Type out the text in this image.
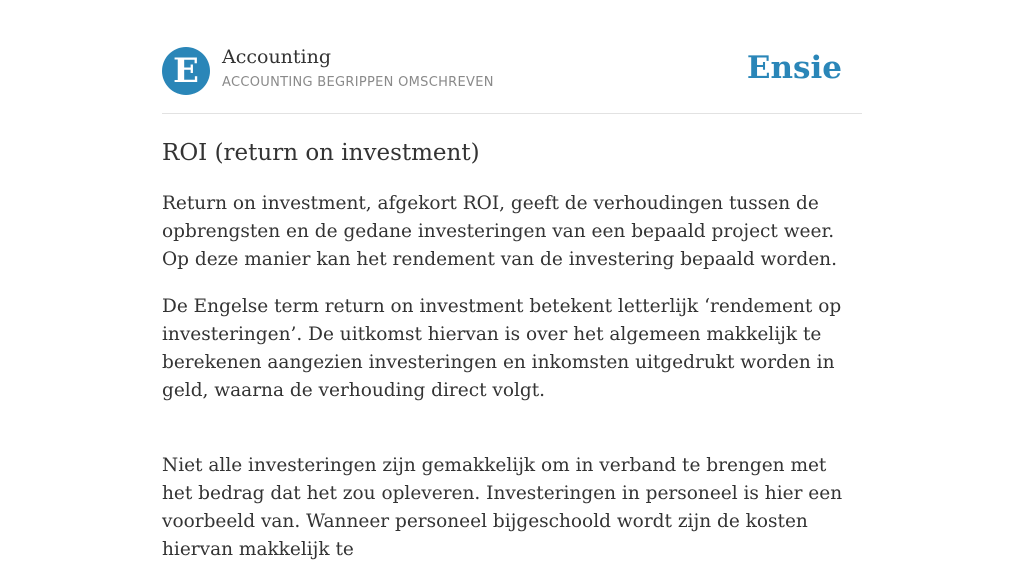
E	Accounting
ACCOUNTING BEGRIPPEN OMSCHREVEN	Ensie
ROI (return on investment)

Return on investment, afgekort ROI, geeft de verhoudingen tussen de opbrengsten en de gedane investeringen van een bepaald project weer. Op deze manier kan het rendement van de investering bepaald worden.

De Engelse term return on investment betekent letterlijk ‘rendement op investeringen’. De uitkomst hiervan is over het algemeen makkelijk te berekenen aangezien investeringen en inkomsten uitgedrukt worden in geld, waarna de verhouding direct volgt.

Niet alle investeringen zijn gemakkelijk om in verband te brengen met het bedrag dat het zou opleveren. Investeringen in personeel is hier een voorbeeld van. Wanneer personeel bijgeschoold wordt zijn de kosten hiervan makkelijk te
